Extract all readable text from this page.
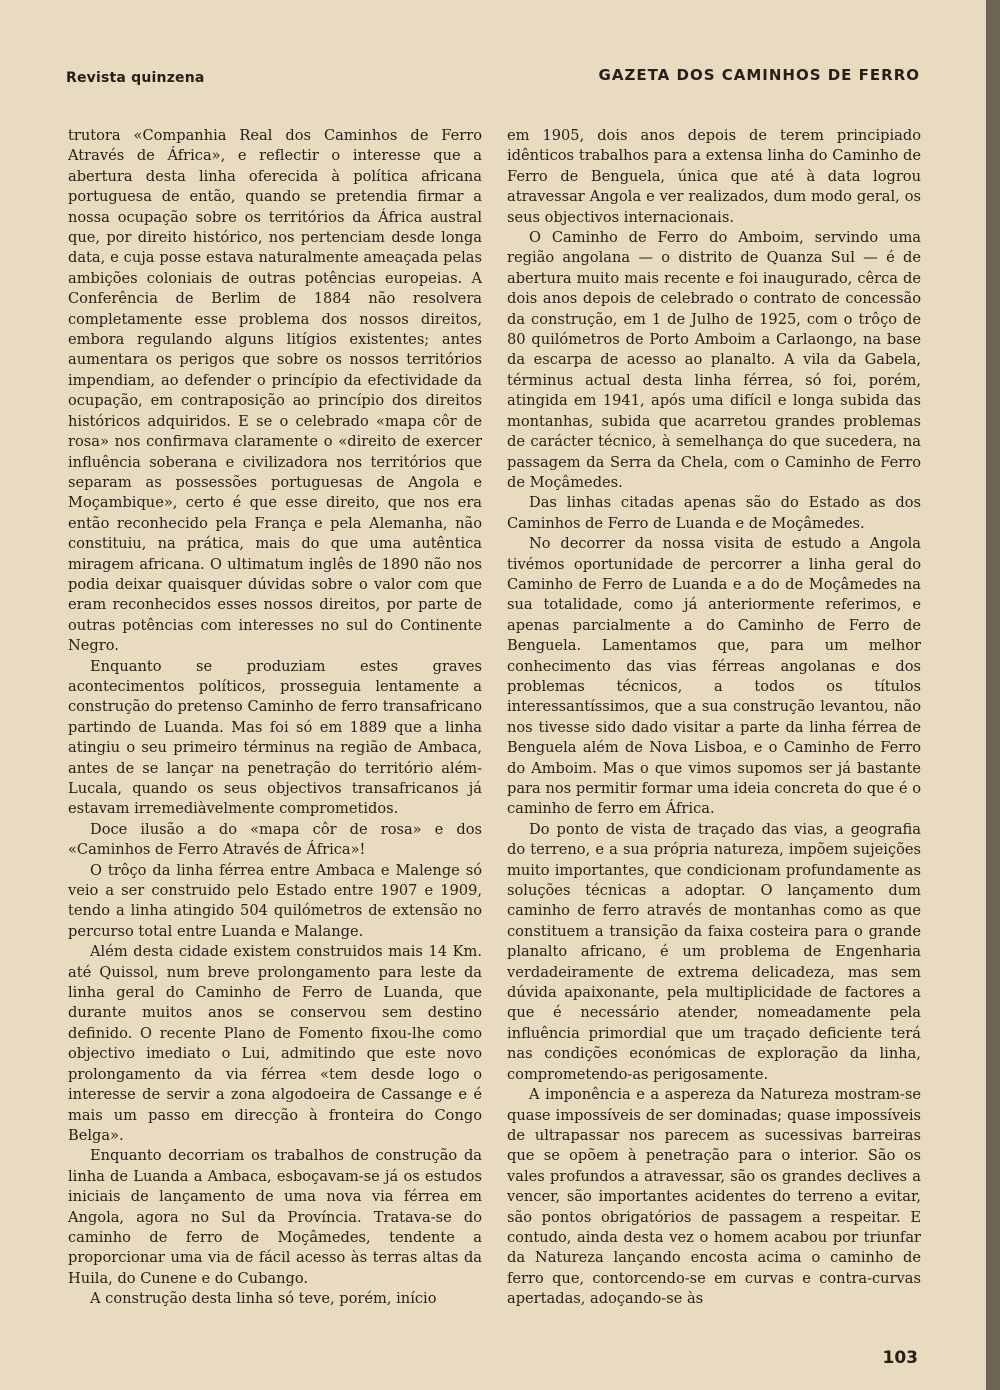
Revista quinzena	GAZETA DOS CAMINHOS DE FERRO

trutora «Companhia Real dos Caminhos de Ferro Através de África», e reflectir o interesse que a abertura desta linha oferecida à política africana portuguesa de então, quando se pretendia firmar a nossa ocupação sobre os territórios da África austral que, por direito histórico, nos pertenciam desde longa data, e cuja posse estava naturalmente ameaçada pelas ambições coloniais de outras potências europeias. A Conferência de Berlim de 1884 não resolvera completamente esse problema dos nossos direitos, embora regulando alguns litígios existentes; antes aumentara os perigos que sobre os nossos territórios impendiam, ao defender o princípio da efectividade da ocupação, em contraposição ao princípio dos direitos históricos adquiridos. E se o celebrado «mapa côr de rosa» nos confirmava claramente o «direito de exercer influência soberana e civilizadora nos territórios que separam as possessões portuguesas de Angola e Moçambique», certo é que esse direito, que nos era então reconhecido pela França e pela Alemanha, não constituiu, na prática, mais do que uma autêntica miragem africana. O ultimatum inglês de 1890 não nos podia deixar quaisquer dúvidas sobre o valor com que eram reconhecidos esses nossos direitos, por parte de outras potências com interesses no sul do Continente Negro.

Enquanto se produziam estes graves acontecimentos políticos, prosseguia lentamente a construção do pretenso Caminho de ferro transafricano partindo de Luanda. Mas foi só em 1889 que a linha atingiu o seu primeiro términus na região de Ambaca, antes de se lançar na penetração do território além-Lucala, quando os seus objectivos transafricanos já estavam irremediàvelmente comprometidos.

Doce ilusão a do «mapa côr de rosa» e dos «Caminhos de Ferro Através de África»!

O trôço da linha férrea entre Ambaca e Malenge só veio a ser construido pelo Estado entre 1907 e 1909, tendo a linha atingido 504 quilómetros de extensão no percurso total entre Luanda e Malange.

Além desta cidade existem construidos mais 14 Km. até Quissol, num breve prolongamento para leste da linha geral do Caminho de Ferro de Luanda, que durante muitos anos se conservou sem destino definido. O recente Plano de Fomento fixou-lhe como objectivo imediato o Lui, admitindo que este novo prolongamento da via férrea «tem desde logo o interesse de servir a zona algodoeira de Cassange e é mais um passo em direcção à fronteira do Congo Belga».

Enquanto decorriam os trabalhos de construção da linha de Luanda a Ambaca, esboçavam-se já os estudos iniciais de lançamento de uma nova via férrea em Angola, agora no Sul da Província. Tratava-se do caminho de ferro de Moçâmedes, tendente a proporcionar uma via de fácil acesso às terras altas da Huila, do Cunene e do Cubango.

A construção desta linha só teve, porém, início

em 1905, dois anos depois de terem principiado idênticos trabalhos para a extensa linha do Caminho de Ferro de Benguela, única que até à data logrou atravessar Angola e ver realizados, dum modo geral, os seus objectivos internacionais.

O Caminho de Ferro do Amboim, servindo uma região angolana — o distrito de Quanza Sul — é de abertura muito mais recente e foi inaugurado, cêrca de dois anos depois de celebrado o contrato de concessão da construção, em 1 de Julho de 1925, com o trôço de 80 quilómetros de Porto Amboim a Carlaongo, na base da escarpa de acesso ao planalto. A vila da Gabela, términus actual desta linha férrea, só foi, porém, atingida em 1941, após uma difícil e longa subida das montanhas, subida que acarretou grandes problemas de carácter técnico, à semelhança do que sucedera, na passagem da Serra da Chela, com o Caminho de Ferro de Moçâmedes.

Das linhas citadas apenas são do Estado as dos Caminhos de Ferro de Luanda e de Moçâmedes.

No decorrer da nossa visita de estudo a Angola tivémos oportunidade de percorrer a linha geral do Caminho de Ferro de Luanda e a do de Moçâmedes na sua totalidade, como já anteriormente referimos, e apenas parcialmente a do Caminho de Ferro de Benguela. Lamentamos que, para um melhor conhecimento das vias férreas angolanas e dos problemas técnicos, a todos os títulos interessantíssimos, que a sua construção levantou, não nos tivesse sido dado visitar a parte da linha férrea de Benguela além de Nova Lisboa, e o Caminho de Ferro do Amboim. Mas o que vimos supomos ser já bastante para nos permitir formar uma ideia concreta do que é o caminho de ferro em África.

Do ponto de vista de traçado das vias, a geografia do terreno, e a sua própria natureza, impõem sujeições muito importantes, que condicionam profundamente as soluções técnicas a adoptar. O lançamento dum caminho de ferro através de montanhas como as que constituem a transição da faixa costeira para o grande planalto africano, é um problema de Engenharia verdadeiramente de extrema delicadeza, mas sem dúvida apaixonante, pela multiplicidade de factores a que é necessário atender, nomeadamente pela influência primordial que um traçado deficiente terá nas condições económicas de exploração da linha, comprometendo-as perigosamente.

A imponência e a aspereza da Natureza mostram-se quase impossíveis de ser dominadas; quase impossíveis de ultrapassar nos parecem as sucessivas barreiras que se opõem à penetração para o interior. São os vales profundos a atravessar, são os grandes declives a vencer, são importantes acidentes do terreno a evitar, são pontos obrigatórios de passagem a respeitar. E contudo, ainda desta vez o homem acabou por triunfar da Natureza lançando encosta acima o caminho de ferro que, contorcendo-se em curvas e contra-curvas apertadas, adoçando-se às

103
